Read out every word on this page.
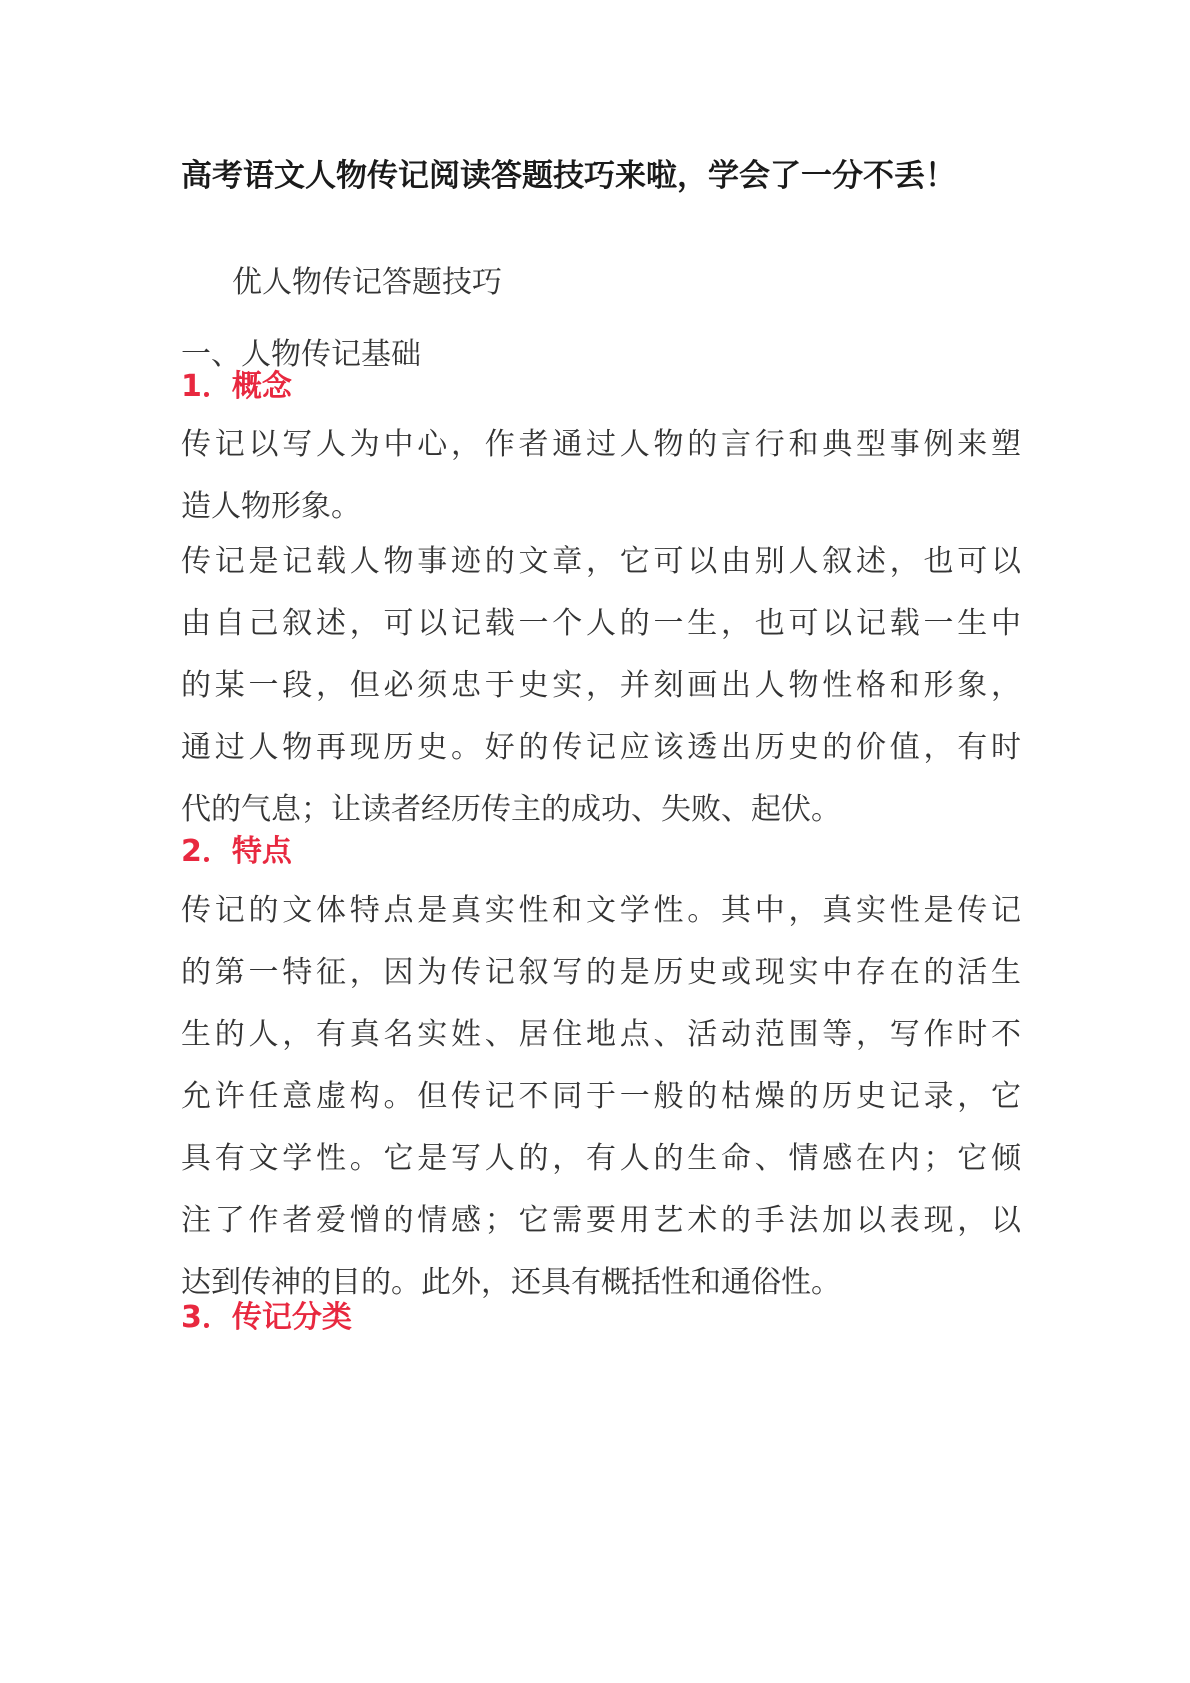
高考语文人物传记阅读答题技巧来啦，学会了一分不丢！
优人物传记答题技巧
一、人物传记基础
1．概念
传记以写人为中心，作者通过人物的言行和典型事例来塑
造人物形象。
传记是记载人物事迹的文章，它可以由别人叙述，也可以
由自己叙述，可以记载一个人的一生，也可以记载一生中
的某一段，但必须忠于史实，并刻画出人物性格和形象，
通过人物再现历史。好的传记应该透出历史的价值，有时
代的气息；让读者经历传主的成功、失败、起伏。
2．特点
传记的文体特点是真实性和文学性。其中，真实性是传记
的第一特征，因为传记叙写的是历史或现实中存在的活生
生的人，有真名实姓、居住地点、活动范围等，写作时不
允许任意虚构。但传记不同于一般的枯燥的历史记录，它
具有文学性。它是写人的，有人的生命、情感在内；它倾
注了作者爱憎的情感；它需要用艺术的手法加以表现，以
达到传神的目的。此外，还具有概括性和通俗性。
3．传记分类
